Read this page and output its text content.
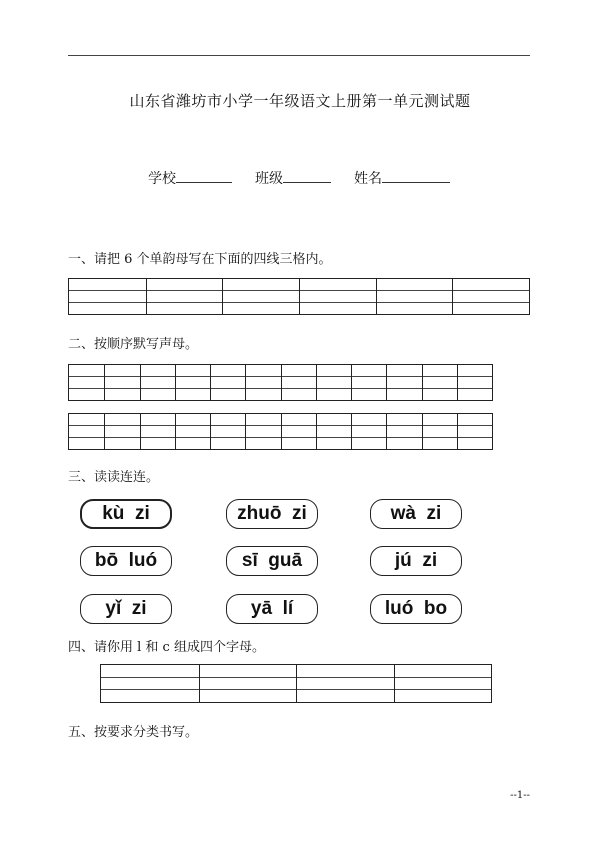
山东省潍坊市小学一年级语文上册第一单元测试题
学校	班级	姓名
一、请把 6 个单韵母写在下面的四线三格内。
二、按顺序默写声母。
三、读读连连。
kù  zi	zhuō  zi	wà  zi
bō  luó	sī  guā	jú  zi
yǐ  zi	yā  lí	luó  bo
四、请你用 l 和 c 组成四个字母。
五、按要求分类书写。
--1--
